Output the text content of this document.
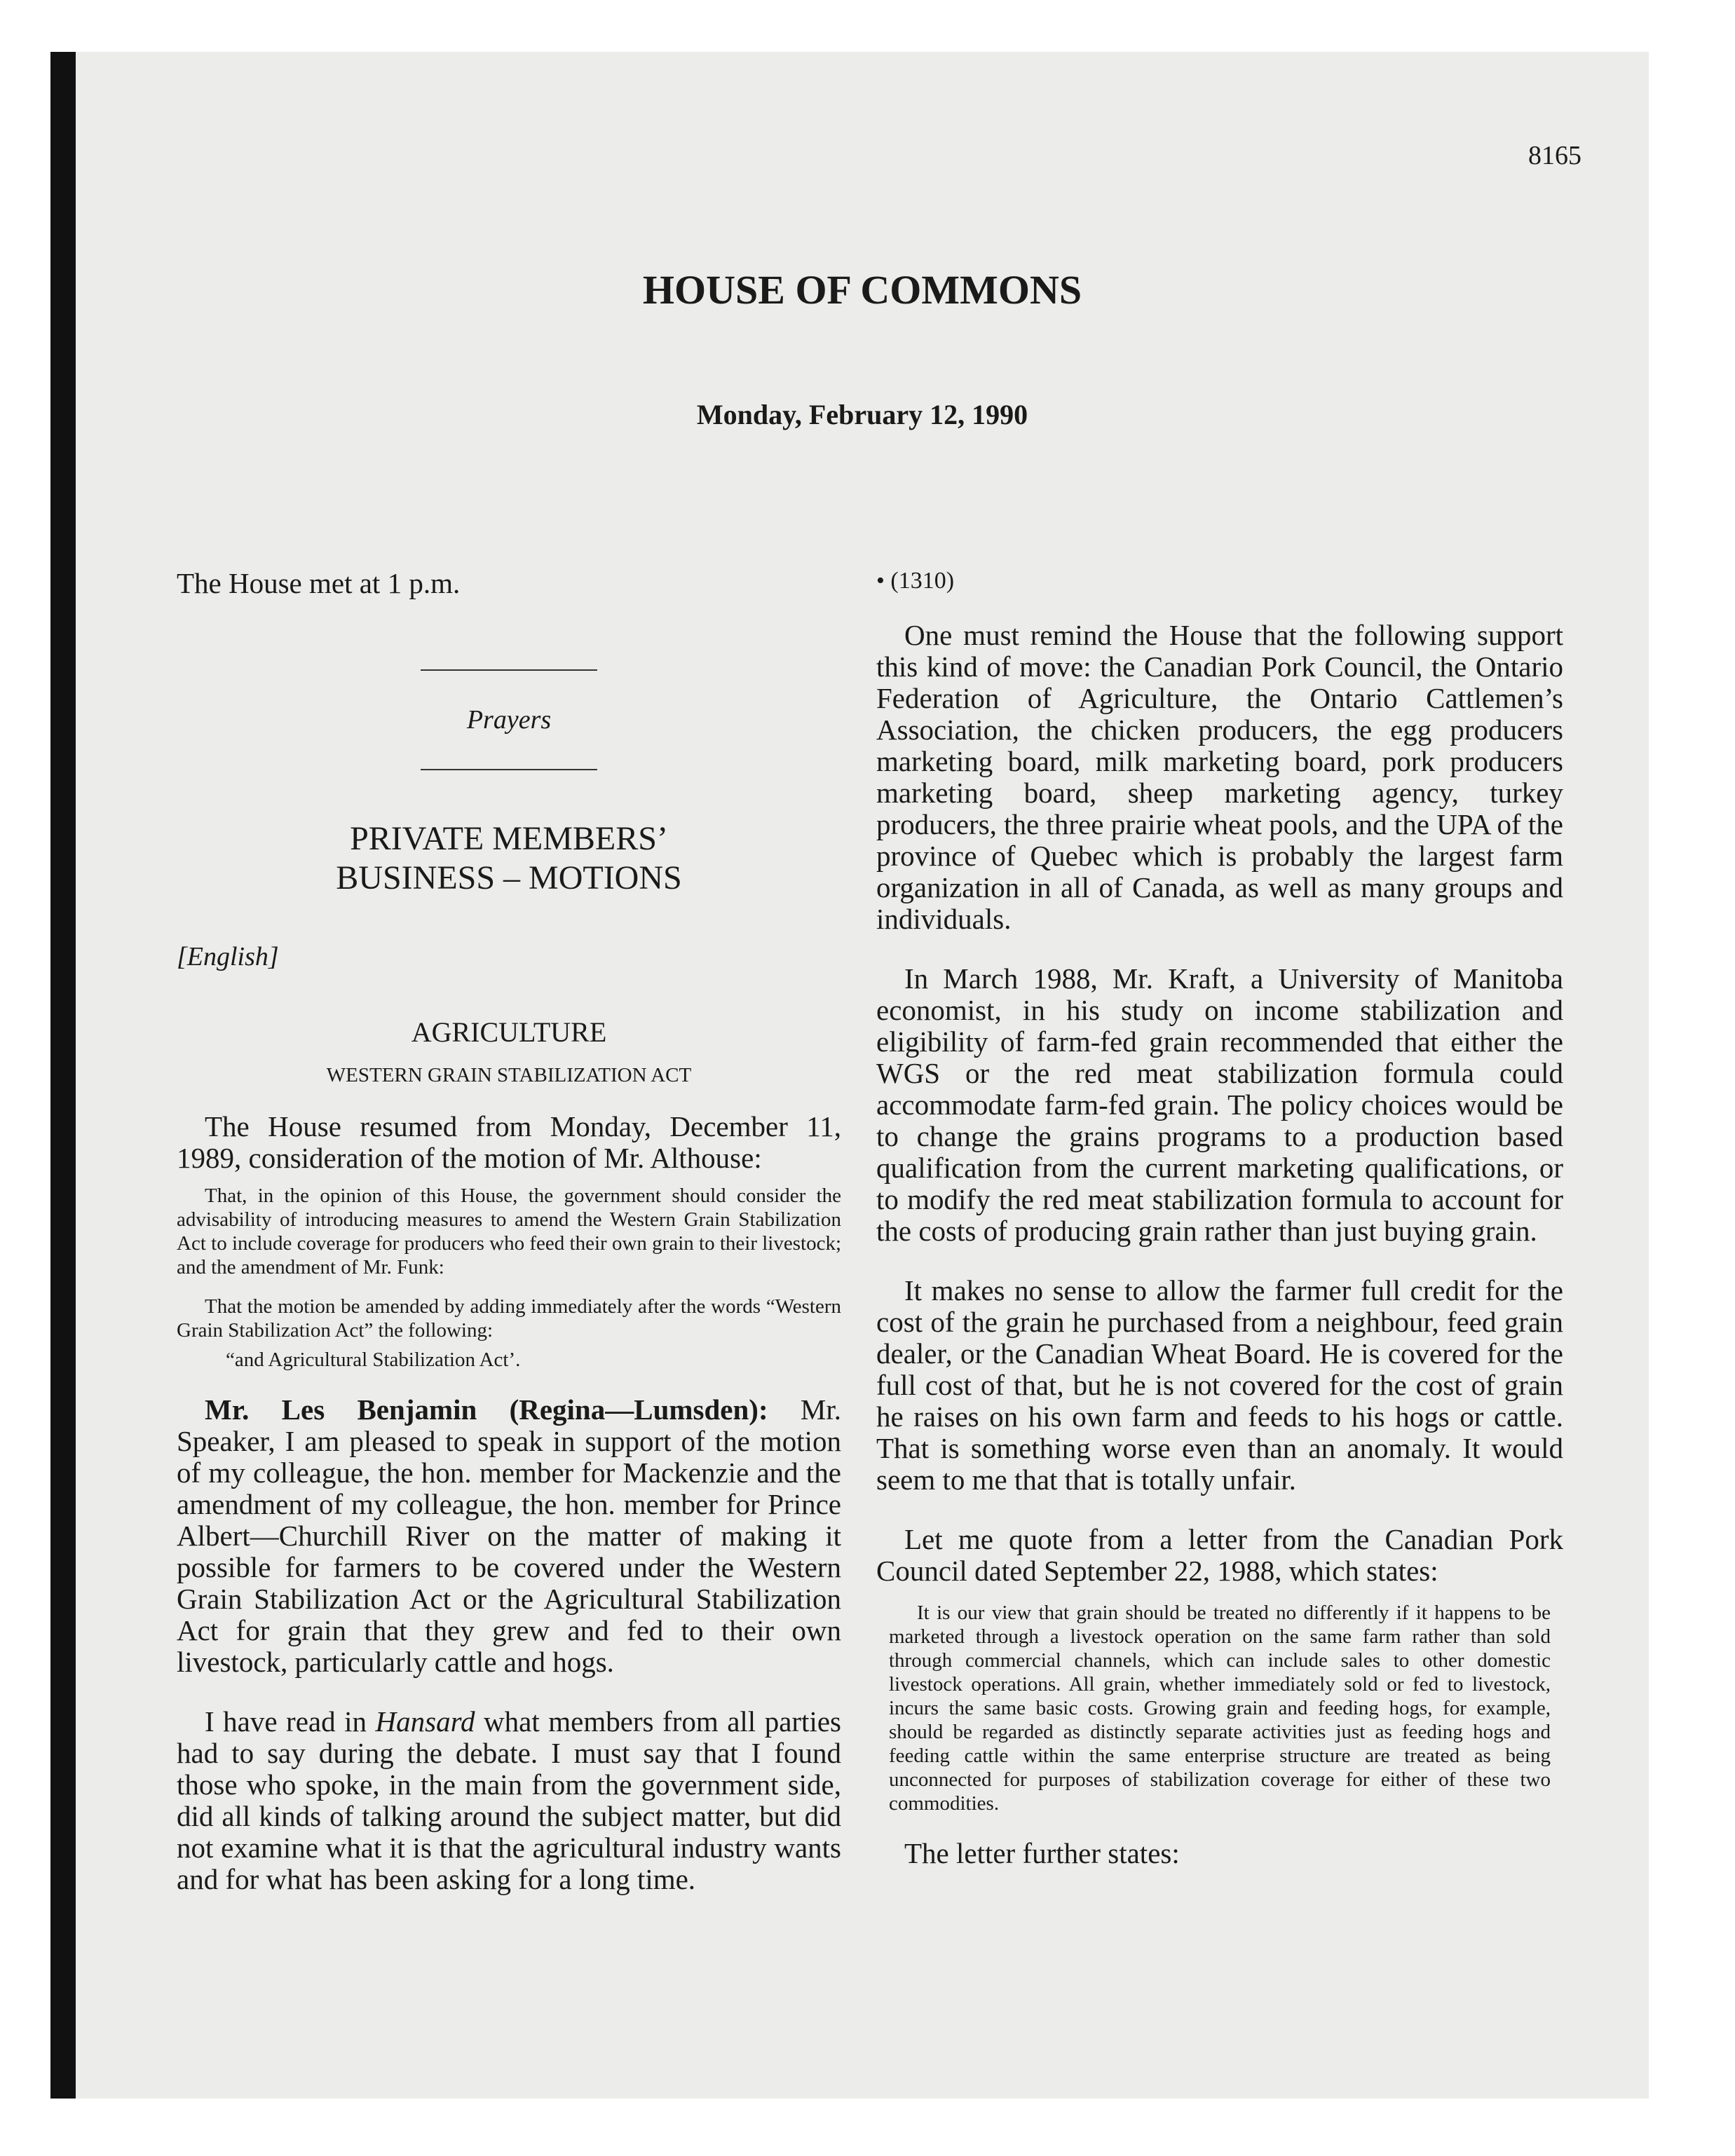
8165
HOUSE OF COMMONS
Monday, February 12, 1990

The House met at 1 p.m.

Prayers

PRIVATE MEMBERS’
BUSINESS – MOTIONS

[English]

AGRICULTURE

WESTERN GRAIN STABILIZATION ACT

The House resumed from Monday, December 11, 1989, consideration of the motion of Mr. Althouse:

That, in the opinion of this House, the government should consider the advisability of introducing measures to amend the Western Grain Stabilization Act to include coverage for producers who feed their own grain to their livestock; and the amendment of Mr. Funk:

That the motion be amended by adding immediately after the words “Western Grain Stabilization Act” the following:

“and Agricultural Stabilization Act’.

Mr. Les Benjamin (Regina—Lumsden): Mr. Speaker, I am pleased to speak in support of the motion of my colleague, the hon. member for Mackenzie and the amendment of my colleague, the hon. member for Prince Albert—Churchill River on the matter of making it possible for farmers to be covered under the Western Grain Stabilization Act or the Agricultural Stabilization Act for grain that they grew and fed to their own livestock, particularly cattle and hogs.

I have read in Hansard what members from all parties had to say during the debate. I must say that I found those who spoke, in the main from the government side, did all kinds of talking around the subject matter, but did not examine what it is that the agricultural industry wants and for what has been asking for a long time.

• (1310)

One must remind the House that the following support this kind of move: the Canadian Pork Council, the Ontario Federation of Agriculture, the Ontario Cattlemen’s Association, the chicken producers, the egg producers marketing board, milk marketing board, pork producers marketing board, sheep marketing agency, turkey producers, the three prairie wheat pools, and the UPA of the province of Quebec which is probably the largest farm organization in all of Canada, as well as many groups and individuals.

In March 1988, Mr. Kraft, a University of Manitoba economist, in his study on income stabilization and eligibility of farm-fed grain recommended that either the WGS or the red meat stabilization formula could accommodate farm-fed grain. The policy choices would be to change the grains programs to a production based qualification from the current marketing qualifications, or to modify the red meat stabilization formula to account for the costs of producing grain rather than just buying grain.

It makes no sense to allow the farmer full credit for the cost of the grain he purchased from a neighbour, feed grain dealer, or the Canadian Wheat Board. He is covered for the full cost of that, but he is not covered for the cost of grain he raises on his own farm and feeds to his hogs or cattle. That is something worse even than an anomaly. It would seem to me that that is totally unfair.

Let me quote from a letter from the Canadian Pork Council dated September 22, 1988, which states:

It is our view that grain should be treated no differently if it happens to be marketed through a livestock operation on the same farm rather than sold through commercial channels, which can include sales to other domestic livestock operations. All grain, whether immediately sold or fed to livestock, incurs the same basic costs. Growing grain and feeding hogs, for example, should be regarded as distinctly separate activities just as feeding hogs and feeding cattle within the same enterprise structure are treated as being unconnected for purposes of stabilization coverage for either of these two commodities.

The letter further states:
